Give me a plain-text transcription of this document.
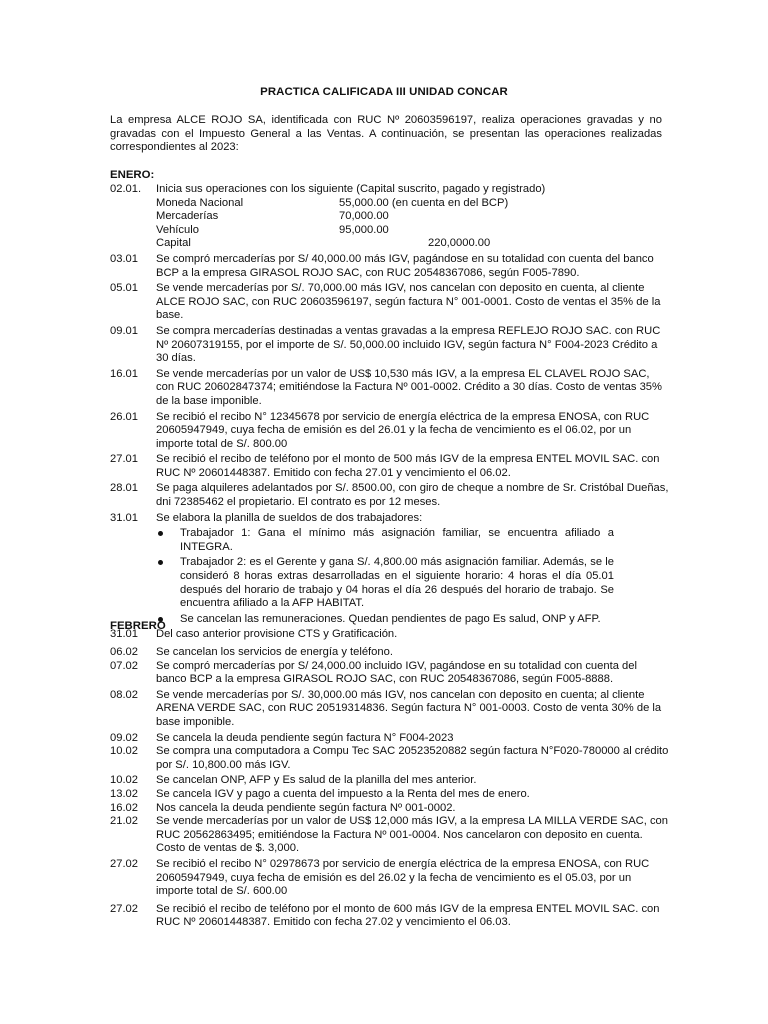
PRACTICA CALIFICADA III UNIDAD CONCAR
La empresa ALCE ROJO SA, identificada con RUC Nº 20603596197, realiza operaciones gravadas y no gravadas con el Impuesto General a las Ventas. A continuación, se presentan las operaciones realizadas correspondientes al 2023:
ENERO:
02.01. Inicia sus operaciones con los siguiente (Capital suscrito, pagado y registrado)
Moneda Nacional	55,000.00 (en cuenta en del BCP)
Mercaderías	70,000.00
Vehículo	95,000.00
Capital	220,0000.00
03.01 Se compró mercaderías por S/ 40,000.00 más IGV, pagándose en su totalidad con cuenta del banco BCP a la empresa GIRASOL ROJO SAC, con RUC 20548367086, según F005-7890.
05.01 Se vende mercaderías por S/. 70,000.00 más IGV, nos cancelan con deposito en cuenta, al cliente ALCE ROJO SAC, con RUC 20603596197, según factura N° 001-0001. Costo de ventas el 35% de la base.
09.01 Se compra mercaderías destinadas a ventas gravadas a la empresa REFLEJO ROJO SAC. con RUC Nº 20607319155, por el importe de S/. 50,000.00 incluido IGV, según factura N° F004-2023 Crédito a 30 días.
16.01 Se vende mercaderías por un valor de US$ 10,530 más IGV, a la empresa EL CLAVEL ROJO SAC, con RUC 20602847374; emitiéndose la Factura Nº 001-0002. Crédito a 30 días. Costo de ventas 35% de la base imponible.
26.01 Se recibió el recibo N° 12345678 por servicio de energía eléctrica de la empresa ENOSA, con RUC 20605947949, cuya fecha de emisión es del 26.01 y la fecha de vencimiento es el 06.02, por un importe total de S/. 800.00
27.01 Se recibió el recibo de teléfono por el monto de 500 más IGV de la empresa ENTEL MOVIL SAC. con RUC Nº 20601448387. Emitido con fecha 27.01 y vencimiento el 06.02.
28.01 Se paga alquileres adelantados por S/. 8500.00, con giro de cheque a nombre de Sr. Cristóbal Dueñas, dni 72385462 el propietario. El contrato es por 12 meses.
31.01 Se elabora la planilla de sueldos de dos trabajadores:
Trabajador 1: Gana el mínimo más asignación familiar, se encuentra afiliado a INTEGRA.
Trabajador 2: es el Gerente y gana S/. 4,800.00 más asignación familiar. Además, se le consideró 8 horas extras desarrolladas en el siguiente horario: 4 horas el día 05.01 después del horario de trabajo y 04 horas el día 26 después del horario de trabajo. Se encuentra afiliado a la AFP HABITAT.
Se cancelan las remuneraciones. Quedan pendientes de pago Es salud, ONP y AFP.
31.01 Del caso anterior provisione CTS y Gratificación.
FEBRERO
06.02 Se cancelan los servicios de energía y teléfono.
07.02 Se compró mercaderías por S/ 24,000.00 incluido IGV, pagándose en su totalidad con cuenta del banco BCP a la empresa GIRASOL ROJO SAC, con RUC 20548367086, según F005-8888.
08.02 Se vende mercaderías por S/. 30,000.00 más IGV, nos cancelan con deposito en cuenta; al cliente ARENA VERDE SAC, con RUC 20519314836. Según factura N° 001-0003. Costo de venta 30% de la base imponible.
09.02 Se cancela la deuda pendiente según factura N° F004-2023
10.02 Se compra una computadora a Compu Tec SAC 20523520882 según factura N°F020-780000 al crédito por S/. 10,800.00 más IGV.
10.02 Se cancelan ONP, AFP y Es salud de la planilla del mes anterior.
13.02 Se cancela IGV y pago a cuenta del impuesto a la Renta del mes de enero.
16.02 Nos cancela la deuda pendiente según factura Nº 001-0002.
21.02 Se vende mercaderías por un valor de US$ 12,000 más IGV, a la empresa LA MILLA VERDE SAC, con RUC 20562863495; emitiéndose la Factura Nº 001-0004. Nos cancelaron con deposito en cuenta. Costo de ventas de $. 3,000.
27.02 Se recibió el recibo N° 02978673 por servicio de energía eléctrica de la empresa ENOSA, con RUC 20605947949, cuya fecha de emisión es del 26.02 y la fecha de vencimiento es el 05.03, por un importe total de S/. 600.00
27.02 Se recibió el recibo de teléfono por el monto de 600 más IGV de la empresa ENTEL MOVIL SAC. con RUC Nº 20601448387. Emitido con fecha 27.02 y vencimiento el 06.03.
